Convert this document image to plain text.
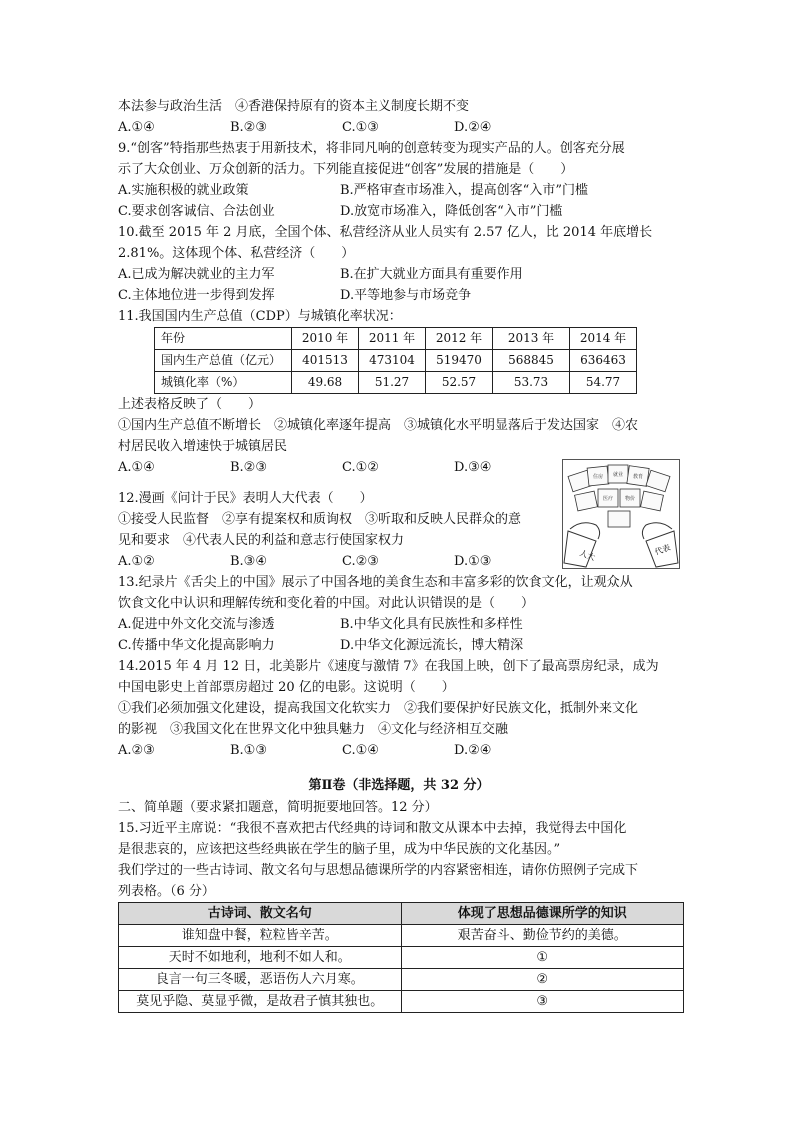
本法参与政治生活　④香港保持原有的资本主义制度长期不变
A.①④	B.②③	C.①③	D.②④
9.“创客”特指那些热衷于用新技术，将非同凡响的创意转变为现实产品的人。创客充分展
示了大众创业、万众创新的活力。下列能直接促进“创客”发展的措施是（　　）
A.实施积极的就业政策	B.严格审查市场准入，提高创客“入市”门槛
C.要求创客诚信、合法创业	D.放宽市场准入，降低创客“入市”门槛
10.截至 2015 年 2 月底，全国个体、私营经济从业人员实有 2.57 亿人，比 2014 年底增长
2.81%。这体现个体、私营经济（　　）
A.已成为解决就业的主力军	B.在扩大就业方面具有重要作用
C.主体地位进一步得到发挥	D.平等地参与市场竞争
11.我国国内生产总值（CDP）与城镇化率状况：
年份	2010 年	2011 年	2012 年	2013 年	2014 年
国内生产总值（亿元）	401513	473104	519470	568845	636463
城镇化率（%）	49.68	51.27	52.57	53.73	54.77
上述表格反映了（　　）
①国内生产总值不断增长　②城镇化率逐年提高　③城镇化水平明显落后于发达国家　④农
村居民收入增速快于城镇居民
A.①④	B.②③	C.①②	D.③④
12.漫画《问计于民》表明人大代表（　　）
①接受人民监督　②享有提案权和质询权　③听取和反映人民群众的意
见和要求　④代表人民的利益和意志行使国家权力
A.①②	B.③④	C.②③	D.①③
13.纪录片《舌尖上的中国》展示了中国各地的美食生态和丰富多彩的饮食文化，让观众从
饮食文化中认识和理解传统和变化着的中国。对此认识错误的是（　　）
A.促进中外文化交流与渗透	B.中华文化具有民族性和多样性
C.传播中华文化提高影响力	D.中华文化源远流长，博大精深
14.2015 年 4 月 12 日，北美影片《速度与激情 7》在我国上映，创下了最高票房纪录，成为
中国电影史上首部票房超过 20 亿的电影。这说明（　　）
①我们必须加强文化建设，提高我国文化软实力　②我们要保护好民族文化，抵制外来文化
的影视　③我国文化在世界文化中独具魅力　④文化与经济相互交融
A.②③	B.①③	C.①④	D.②④
第Ⅱ卷（非选择题，共 32 分）
二、简单题（要求紧扣题意，简明扼要地回答。12 分）
15.习近平主席说：“我很不喜欢把古代经典的诗词和散文从课本中去掉，我觉得去中国化
是很悲哀的，应该把这些经典嵌在学生的脑子里，成为中华民族的文化基因。”
我们学过的一些古诗词、散文名句与思想品德课所学的内容紧密相连，请你仿照例子完成下
列表格。（6 分）
古诗词、散文名句	体现了思想品德课所学的知识
谁知盘中餐，粒粒皆辛苦。	艰苦奋斗、勤俭节约的美德。
天时不如地利，地利不如人和。	①
良言一句三冬暖，恶语伤人六月寒。	②
莫见乎隐、莫显乎微，是故君子慎其独也。	③
住房 就业 教育
医疗 物价
人大	代表
